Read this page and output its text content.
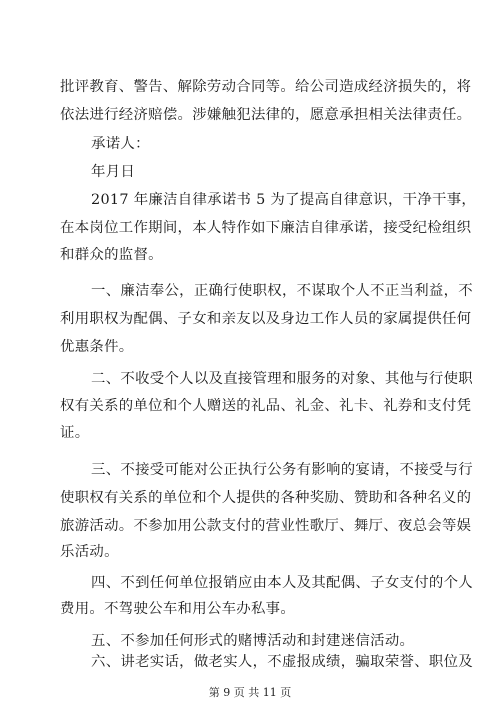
批评教育、警告、解除劳动合同等。给公司造成经济损失的，将
依法进行经济赔偿。涉嫌触犯法律的，愿意承担相关法律责任。
承诺人：
年月日
2017 年廉洁自律承诺书 5 为了提高自律意识，干净干事，
在本岗位工作期间，本人特作如下廉洁自律承诺，接受纪检组织
和群众的监督。
一、廉洁奉公，正确行使职权，不谋取个人不正当利益，不
利用职权为配偶、子女和亲友以及身边工作人员的家属提供任何
优惠条件。
二、不收受个人以及直接管理和服务的对象、其他与行使职
权有关系的单位和个人赠送的礼品、礼金、礼卡、礼券和支付凭
证。
三、不接受可能对公正执行公务有影响的宴请，不接受与行
使职权有关系的单位和个人提供的各种奖励、赞助和各种名义的
旅游活动。不参加用公款支付的营业性歌厅、舞厅、夜总会等娱
乐活动。
四、不到任何单位报销应由本人及其配偶、子女支付的个人
费用。不驾驶公车和用公车办私事。
五、不参加任何形式的赌博活动和封建迷信活动。
第 9 页 共 11 页
六、讲老实话，做老实人，不虚报成绩，骗取荣誉、职位及
